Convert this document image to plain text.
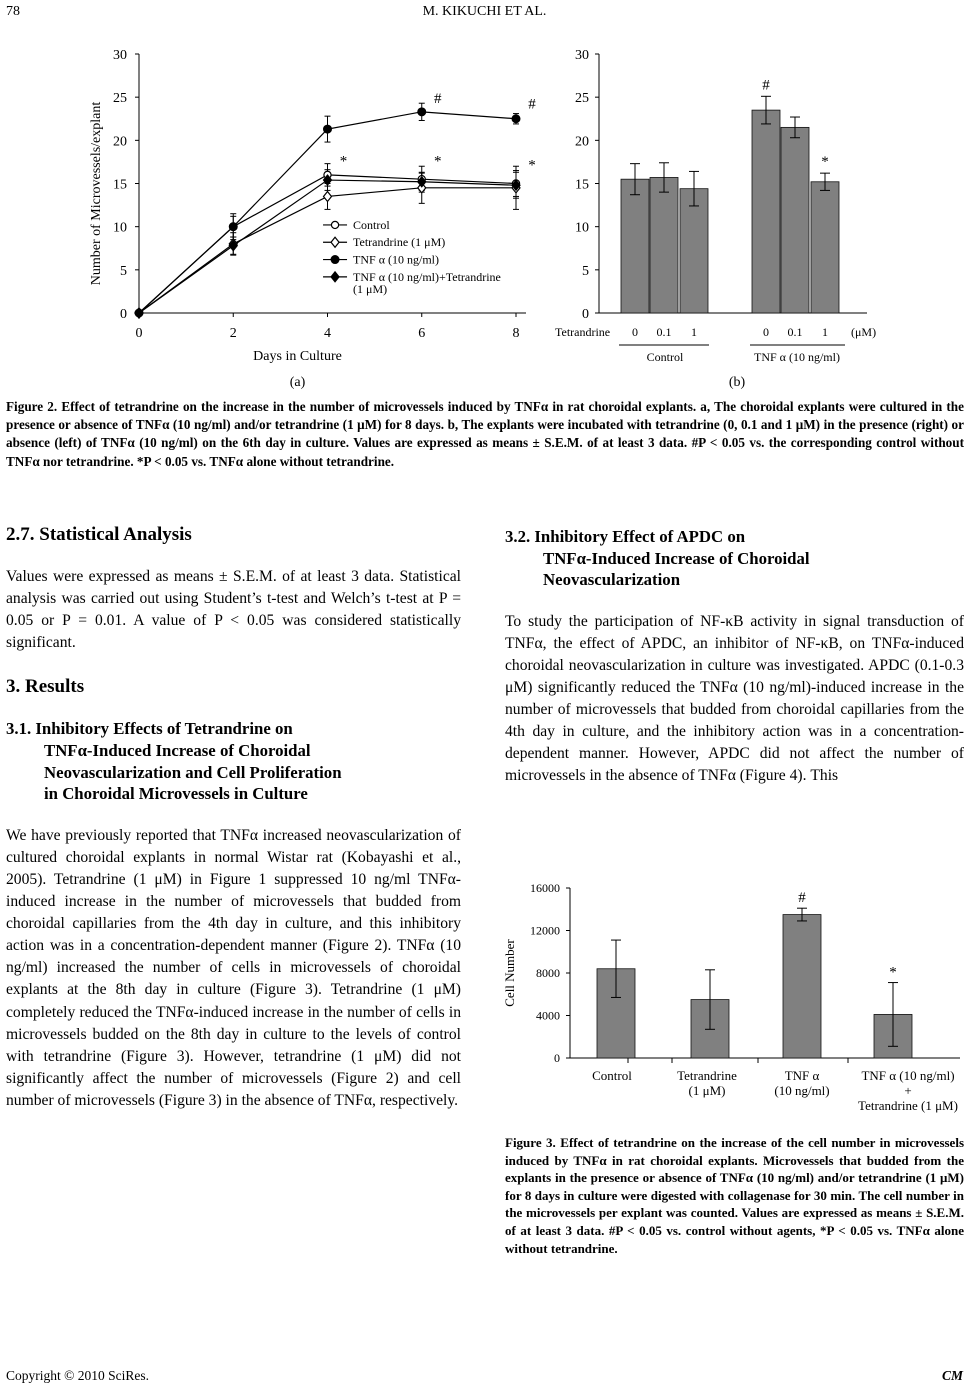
78	M. KIKUCHI ET AL.
0
5
10
15
20
25
30
0	2	4	6	8
Days in Culture
Number of Microvessels/explant	*	*	*
#	#
Control
Tetrandrine (1 μM)
TNF α (10 ng/ml)
TNF α (10 ng/ml)+Tetrandrine
(1 μM)
(a)
0
5
10
15
20
25
30
0 0.1 1	0 0.1 1
#
*
Tetrandrine	(μM)
Control	TNF α (10 ng/ml)
(b)
Figure 2. Effect of tetrandrine on the increase in the number of microvessels induced by TNFα in rat choroidal explants. a, The choroidal explants were cultured in the presence or absence of TNFα (10 ng/ml) and/or tetrandrine (1 μM) for 8 days. b, The explants were incubated with tetrandrine (0, 0.1 and 1 μM) in the presence (right) or absence (left) of TNFα (10 ng/ml) on the 6th day in culture. Values are expressed as means ± S.E.M. of at least 3 data. #P < 0.05 vs. the corresponding control without TNFα nor tetrandrine. *P < 0.05 vs. TNFα alone without tetrandrine.
2.7. Statistical Analysis

Values were expressed as means ± S.E.M. of at least 3 data. Statistical analysis was carried out using Student’s t-test and Welch’s t-test at P = 0.05 or P = 0.01. A value of P < 0.05 was considered statistically significant.

3. Results
3.1. Inhibitory Effects of Tetrandrine on
TNFα-Induced Increase of Choroidal
Neovascularization and Cell Proliferation
in Choroidal Microvessels in Culture

We have previously reported that TNFα increased neovascularization of cultured choroidal explants in normal Wistar rat (Kobayashi et al., 2005). Tetrandrine (1 μM) in Figure 1 suppressed 10 ng/ml TNFα-induced increase in the number of microvessels that budded from choroidal capillaries from the 4th day in culture, and this inhibitory action was in a concentration-dependent manner (Figure 2). TNFα (10 ng/ml) increased the number of cells in microvessels of choroidal explants at the 8th day in culture (Figure 3). Tetrandrine (1 μM) completely reduced the TNFα-induced increase in the number of cells in microvessels budded on the 8th day in culture to the levels of control with tetrandrine (Figure 3). However, tetrandrine (1 μM) did not significantly affect the number of microvessels (Figure 2) and cell number of microvessels (Figure 3) in the absence of TNFα, respectively.

3.2. Inhibitory Effect of APDC on
TNFα-Induced Increase of Choroidal
Neovascularization

To study the participation of NF-κB activity in signal transduction of TNFα, the effect of APDC, an inhibitor of NF-κB, on TNFα-induced choroidal neovascularization in culture was investigated. APDC (0.1-0.3 μM) significantly reduced the TNFα (10 ng/ml)-induced increase in the number of microvessels that budded from choroidal capillaries from the 4th day in culture, and the inhibitory action was in a concentration-dependent manner. However, APDC did not affect the number of microvessels in the absence of TNFα (Figure 4). This

0
4000
8000
12000
16000
Cell Number
#
*
Control	Tetrandrine
(1 μM)
TNF α
(10 ng/ml)
TNF α (10 ng/ml)
+
Tetrandrine (1 μM)
Figure 3. Effect of tetrandrine on the increase of the cell number in microvessels induced by TNFα in rat choroidal explants. Microvessels that budded from the explants in the presence or absence of TNFα (10 ng/ml) and/or tetrandrine (1 μM) for 8 days in culture were digested with collagenase for 30 min. The cell number in the microvessels per explant was counted. Values are expressed as means ± S.E.M. of at least 3 data. #P < 0.05 vs. control without agents, *P < 0.05 vs. TNFα alone without tetrandrine.
Copyright © 2010 SciRes.	CM
